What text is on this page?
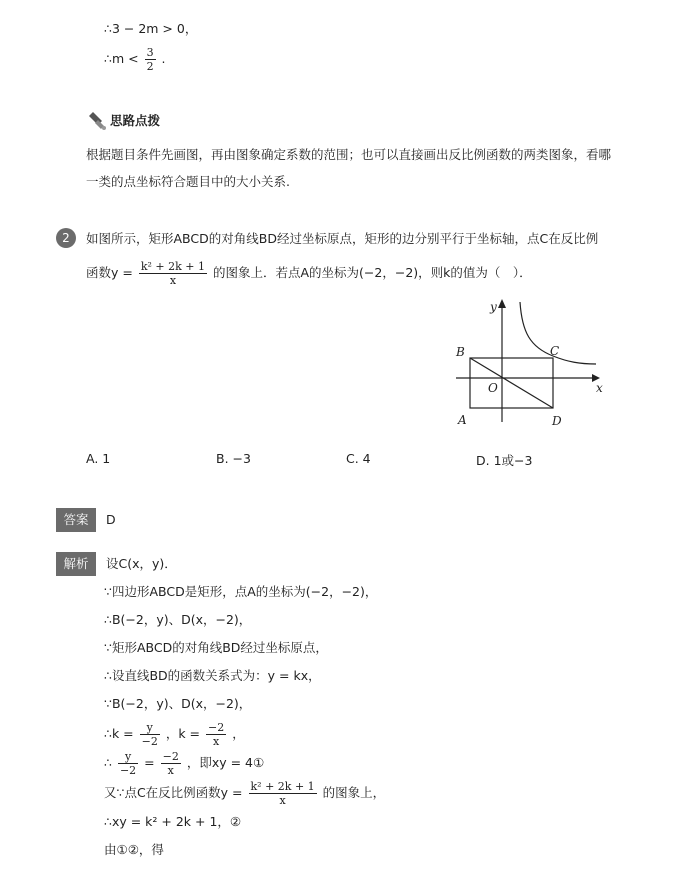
∴3 − 2m > 0，
∴m < $\frac{3}{2}$ .
思路点拨
根据题目条件先画图，再由图象确定系数的范围；也可以直接画出反比例函数的两类图象，看哪
一类的点坐标符合题目中的大小关系.
2	如图所示，矩形ABCD的对角线BD经过坐标原点，矩形的边分别平行于坐标轴，点C在反比例
函数$y = \frac{\text{k² + 2k + 1}}{x}$ 的图象上．若点A的坐标为(−2，−2)，则k的值为（　）．
y
x
B	C
O
A	D
A. 1	B. −3	C. 4	D. 1或−3
答案	D
解析	设C(x，y)．
∵四边形ABCD是矩形，点A的坐标为(−2，−2)，
∴B(−2，y)、D(x，−2)，
∵矩形ABCD的对角线BD经过坐标原点，
∴设直线BD的函数关系式为：y = kx，
∵B(−2，y)、D(x，−2)，
∴k = $\frac{y}{-2}$ ，$k = \frac{-2}{x}$ ，
∴ $\frac{y}{-2} = \frac{-2}{x}$ ，即xy = 4①
又∵点C在反比例函数$y = \frac{\text{k² + 2k + 1}}{x}$ 的图象上，
∴xy = k² + 2k + 1，②
由①②，得
